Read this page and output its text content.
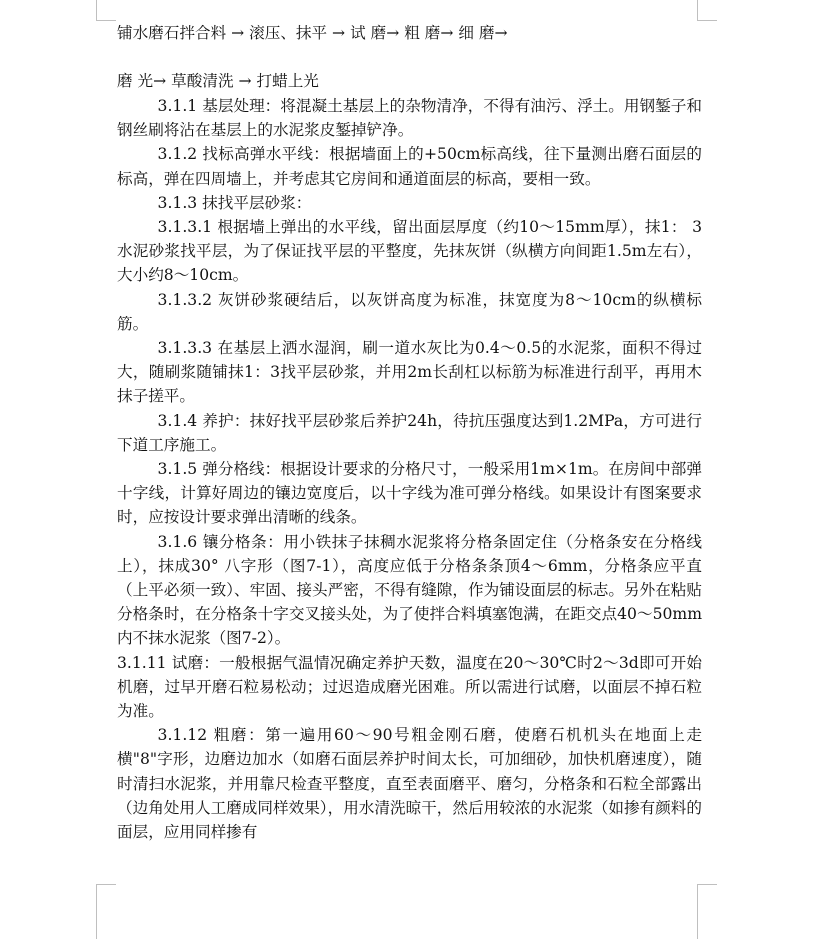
铺水磨石拌合料 → 滚压、抹平 → 试 磨→ 粗 磨→ 细 磨→

磨 光→ 草酸清洗 → 打蜡上光

3.1.1 基层处理：将混凝土基层上的杂物清净，不得有油污、浮土。用钢錾子和钢丝刷将沾在基层上的水泥浆皮錾掉铲净。

3.1.2 找标高弹水平线：根据墙面上的+50cm标高线，往下量测出磨石面层的标高，弹在四周墙上，并考虑其它房间和通道面层的标高，要相一致。

3.1.3 抹找平层砂浆：

3.1.3.1 根据墙上弹出的水平线，留出面层厚度（约10～15mm厚），抹1： 3水泥砂浆找平层，为了保证找平层的平整度，先抹灰饼（纵横方向间距1.5m左右），大小约8～10cm。

3.1.3.2 灰饼砂浆硬结后，以灰饼高度为标准，抹宽度为8～10cm的纵横标筋。

3.1.3.3 在基层上洒水湿润，刷一道水灰比为0.4～0.5的水泥浆，面积不得过大，随刷浆随铺抹1：3找平层砂浆，并用2m长刮杠以标筋为标准进行刮平，再用木抹子搓平。

3.1.4 养护：抹好找平层砂浆后养护24h，待抗压强度达到1.2MPa，方可进行下道工序施工。

3.1.5 弹分格线：根据设计要求的分格尺寸，一般采用1m×1m。在房间中部弹十字线，计算好周边的镶边宽度后，以十字线为准可弹分格线。如果设计有图案要求时，应按设计要求弹出清晰的线条。

3.1.6 镶分格条：用小铁抹子抹稠水泥浆将分格条固定住（分格条安在分格线上），抹成30° 八字形（图7-1），高度应低于分格条条顶4～6mm，分格条应平直（上平必须一致）、牢固、接头严密，不得有缝隙，作为铺设面层的标志。另外在粘贴分格条时，在分格条十字交叉接头处，为了使拌合料填塞饱满，在距交点40～50mm内不抹水泥浆（图7-2）。

3.1.11 试磨：一般根据气温情况确定养护天数，温度在20～30℃时2～3d即可开始机磨，过早开磨石粒易松动；过迟造成磨光困难。所以需进行试磨，以面层不掉石粒为准。

3.1.12 粗磨：第一遍用60～90号粗金刚石磨，使磨石机机头在地面上走横"8"字形，边磨边加水（如磨石面层养护时间太长，可加细砂，加快机磨速度），随时清扫水泥浆，并用靠尺检查平整度，直至表面磨平、磨匀，分格条和石粒全部露出（边角处用人工磨成同样效果），用水清洗晾干，然后用较浓的水泥浆（如掺有颜料的面层，应用同样掺有
